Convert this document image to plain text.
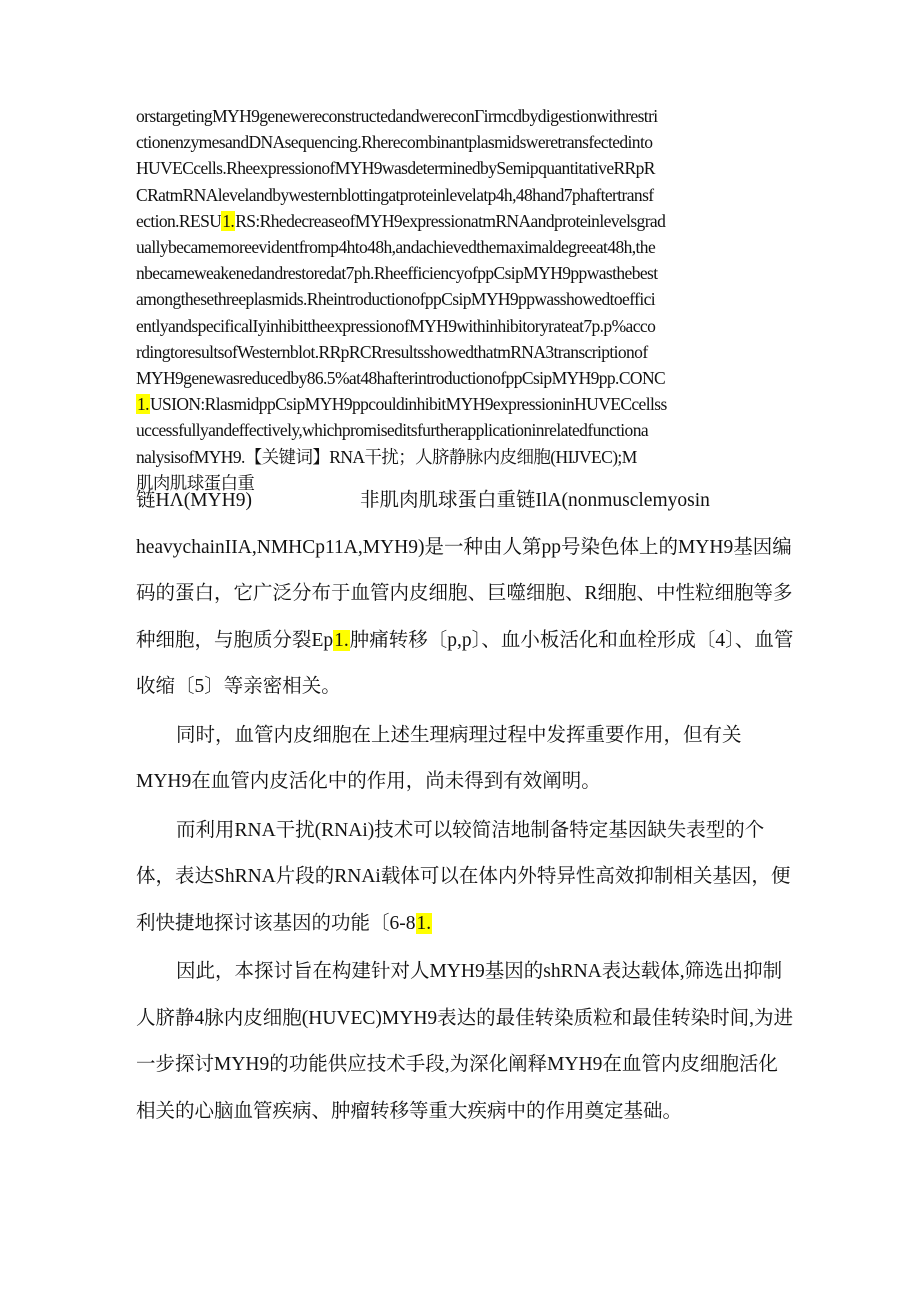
orstargetingMYH9genewereconstructedandwereconΓirmcdbydigestionwithrestri
ctionenzymesandDNAsequencing.Rherecombinantplasmidsweretransfectedinto
HUVECcells.RheexpressionofMYH9wasdeterminedbySemipquantitativeRRpR
CRatmRNAlevelandbywesternblottingatproteinlevelatp4h,48hand7phaftertransf
ection.RESU1.RS:RhedecreaseofMYH9expressionatmRNAandproteinlevelsgrad
uallybecamemoreevidentfromp4hto48h,andachievedthemaximaldegreeat48h,the
nbecameweakenedandrestoredat7ph.RheefficiencyofppCsipMYH9ppwasthebest
amongthesethreeplasmids.RheintroductionofppCsipMYH9ppwasshowedtoeffici
entlyandspecificalIyinhibittheexpressionofMYH9withinhibitoryrateat7p.p%acco
rdingtoresultsofWesternblot.RRpRCRresultsshowedthatmRNA3transcriptionof
MYH9genewasreducedby86.5%at48hafterintroductionofppCsipMYH9pp.CONC
1.USION:RlasmidppCsipMYH9ppcouldinhibitMYH9expressioninHUVECcellss
uccessfullyandeffectively,whichpromiseditsfurtherapplicationinrelatedfunctiona
nalysisofMYH9.【关键词】RNA干扰；人脐静脉内皮细胞(HIJVEC);M
肌肉肌球蛋白重

链HΛ(MYH9)	非肌肉肌球蛋白重链IlA(nonmusclemyosin
heavychainIIA,NMHCp11A,MYH9)是一种由人第pp号染色体上的MYH9基因编码的蛋白，它广泛分布于血管内皮细胞、巨噬细胞、R细胞、中性粒细胞等多种细胞，与胞质分裂Ep1.肿痛转移〔p,p〕、血小板活化和血栓形成〔4〕、血管收缩〔5〕等亲密相关。

同时，血管内皮细胞在上述生理病理过程中发挥重要作用，但有关MYH9在血管内皮活化中的作用，尚未得到有效阐明。

而利用RNA干扰(RNAi)技术可以较简洁地制备特定基因缺失表型的个体，表达ShRNA片段的RNAi载体可以在体内外特异性高效抑制相关基因，便利快捷地探讨该基因的功能〔6-81.

因此，本探讨旨在构建针对人MYH9基因的shRNA表达载体,筛选出抑制人脐静4脉内皮细胞(HUVEC)MYH9表达的最佳转染质粒和最佳转染时间,为进一步探讨MYH9的功能供应技术手段,为深化阐释MYH9在血管内皮细胞活化相关的心脑血管疾病、肿瘤转移等重大疾病中的作用奠定基础。
